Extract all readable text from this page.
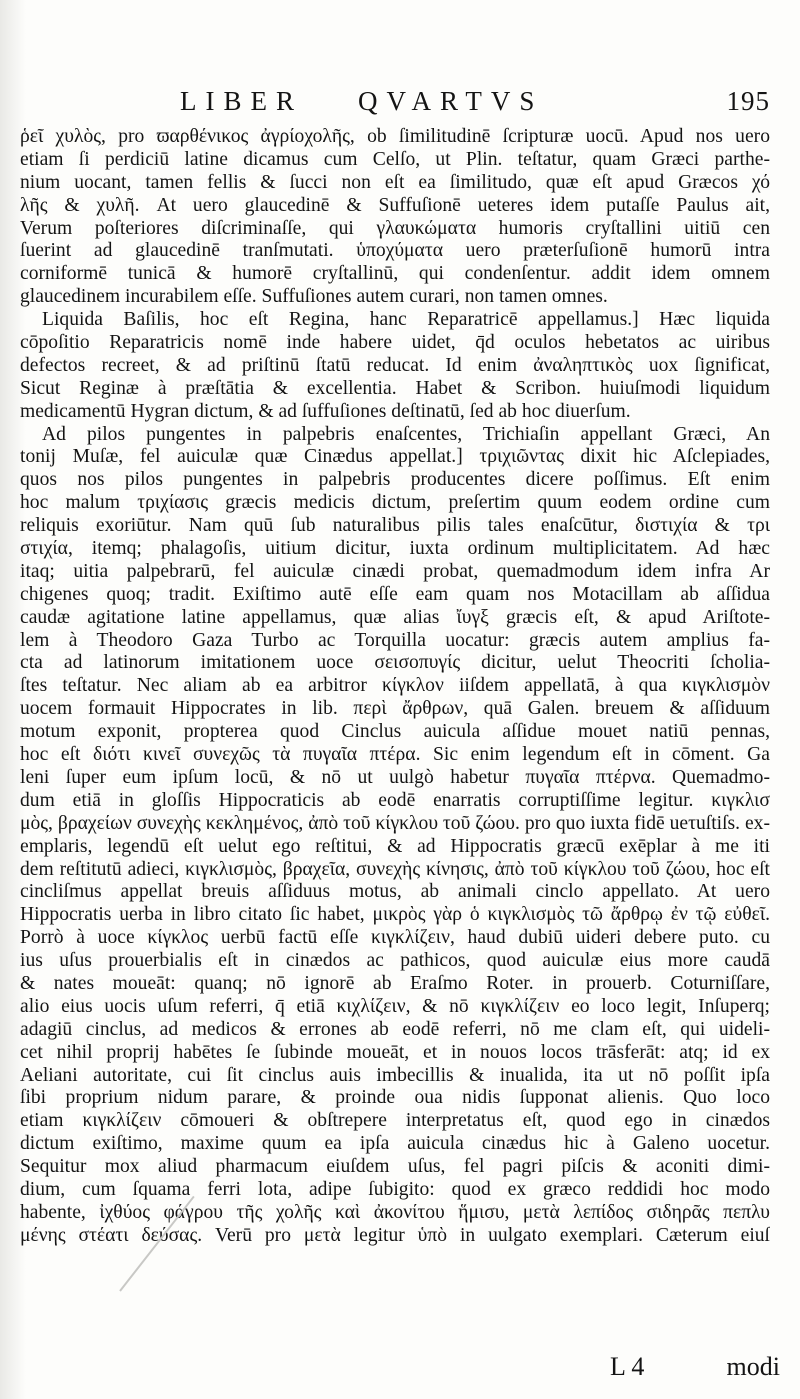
LIBER QVARTVS	195
ῥεῖ χυλὸς, pro ϖαρθένικος ἀγρίοχολῆς, ob ſimilitudinē ſcripturæ uocū. Apud nos uero
etiam ſi perdiciū latine dicamus cum Celſo, ut Plin. teſtatur, quam Græci parthe-
nium uocant, tamen fellis & ſucci non eſt ea ſimilitudo, quæ eſt apud Græcos χό
λῆς & χυλῆ. At uero glaucedinē & Suffuſionē ueteres idem putaſſe Paulus ait,
Verum poſteriores diſcriminaſſe, qui γλαυκώματα humoris cryſtallini uitiū cen
ſuerint ad glaucedinē tranſmutati. ὑποχύματα uero præterſuſionē humorū intra
corniformē tunicā & humorē cryſtallinū, qui condenſentur. addit idem omnem
glaucedinem incurabilem eſſe. Suffuſiones autem curari, non tamen omnes.
Liquida Baſilis, hoc eſt Regina, hanc Reparatricē appellamus.] Hæc liquida
cōpoſitio Reparatricis nomē inde habere uidet, q̄d oculos hebetatos ac uiribus
defectos recreet, & ad priſtinū ſtatū reducat. Id enim ἀναληπτικὸς uox ſignificat,
Sicut Reginæ à præſtātia & excellentia. Habet & Scribon. huiuſmodi liquidum
medicamentū Hygran dictum, & ad ſuffuſiones deſtinatū, ſed ab hoc diuerſum.
Ad pilos pungentes in palpebris enaſcentes, Trichiaſin appellant Græci, An
tonij Muſæ, fel auiculæ quæ Cinædus appellat.] τριχιῶντας dixit hic Aſclepiades,
quos nos pilos pungentes in palpebris producentes dicere poſſimus. Eſt enim
hoc malum τριχίασις græcis medicis dictum, preſertim quum eodem ordine cum
reliquis exoriūtur. Nam quū ſub naturalibus pilis tales enaſcūtur, διστιχία & τρι
στιχία, itemq; phalagoſis, uitium dicitur, iuxta ordinum multiplicitatem. Ad hæc
itaq; uitia palpebrarū, fel auiculæ cinædi probat, quemadmodum idem infra Ar
chigenes quoq; tradit. Exiſtimo autē eſſe eam quam nos Motacillam ab aſſidua
caudæ agitatione latine appellamus, quæ alias ἴυγξ græcis eſt, & apud Ariſtote-
lem à Theodoro Gaza Turbo ac Torquilla uocatur: græcis autem amplius fa-
cta ad latinorum imitationem uoce σεισοπυγίς dicitur, uelut Theocriti ſcholia-
ſtes teſtatur. Nec aliam ab ea arbitror κίγκλον iiſdem appellatā, à qua κιγκλισμὸν
uocem formauit Hippocrates in lib. περὶ ἄρθρων, quā Galen. breuem & aſſiduum
motum exponit, propterea quod Cinclus auicula aſſidue mouet natiū pennas,
hoc eſt διότι κινεῖ συνεχῶς τὰ πυγαῖα πτέρα. Sic enim legendum eſt in cōment. Ga
leni ſuper eum ipſum locū, & nō ut uulgò habetur πυγαῖα πτέρνα. Quemadmo-
dum etiā in gloſſis Hippocraticis ab eodē enarratis corruptiſſime legitur. κιγκλισ
μὸς, βραχείων συνεχὴς κεκλημένος, ἀπὸ τοῦ κίγκλου τοῦ ζώου. pro quo iuxta fidē ueτuſtiſs. ex-
emplaris, legendū eſt uelut ego reſtitui, & ad Hippocratis græcū exēplar à me iti
dem reſtitutū adieci, κιγκλισμὸς, βραχεῖα, συνεχὴς κίνησις, ἀπὸ τοῦ κίγκλου τοῦ ζώου, hoc eſt
cincliſmus appellat breuis aſſiduus motus, ab animali cinclo appellato. At uero
Hippocratis uerba in libro citato ſic habet, μικρὸς γὰρ ὁ κιγκλισμὸς τῶ ἄρθρῳ ἐν τῷ εὐθεῖ.
Porrò à uoce κίγκλος uerbū factū eſſe κιγκλίζειν, haud dubiū uideri debere puto. cu
ius uſus prouerbialis eſt in cinædos ac pathicos, quod auiculæ eius more caudā
& nates moueāt: quanq; nō ignorē ab Eraſmo Roter. in prouerb. Coturniſſare,
alio eius uocis uſum referri, q̄ etiā κιχλίζειν, & nō κιγκλίζειν eo loco legit, Inſuperq;
adagiū cinclus, ad medicos & errones ab eodē referri, nō me clam eſt, qui uideli-
cet nihil proprij habētes ſe ſubinde moueāt, et in nouos locos trāsferāt: atq; id ex
Aeliani autoritate, cui ſit cinclus auis imbecillis & inualida, ita ut nō poſſit ipſa
ſibi proprium nidum parare, & proinde oua nidis ſupponat alienis. Quo loco
etiam κιγκλίζειν cōmoueri & obſtrepere interpretatus eſt, quod ego in cinædos
dictum exiſtimo, maxime quum ea ipſa auicula cinædus hic à Galeno uocetur.
Sequitur mox aliud pharmacum eiuſdem uſus, fel pagri piſcis & aconiti dimi-
dium, cum ſquama ferri lota, adipe ſubigito: quod ex græco reddidi hoc modo
habente, ἰχθύος φάγρου τῆς χολῆς καὶ ἀκονίτου ἥμισυ, μετὰ λεπίδος σιδηρᾶς πεπλυ
μένης στέατι δεύσας. Verū pro μετὰ legitur ὑπὸ in uulgato exemplari. Cæterum eiuſ
L 4	modi
